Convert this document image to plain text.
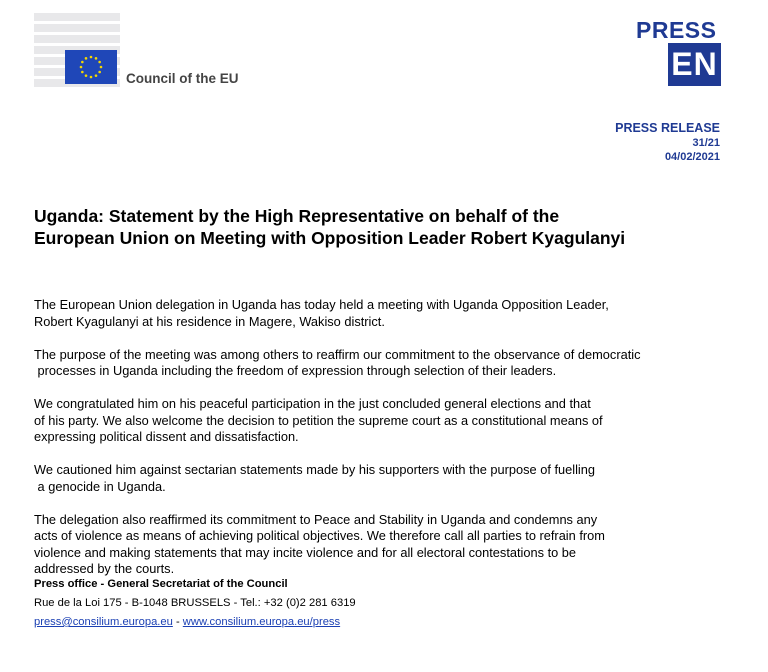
Council of the EU
PRESS
EN
PRESS RELEASE
31/21
04/02/2021
Uganda: Statement by the High Representative on behalf of the
European Union on Meeting with Opposition Leader Robert Kyagulanyi

The European Union delegation in Uganda has today held a meeting with Uganda Opposition Leader,
Robert Kyagulanyi at his residence in Magere, Wakiso district.

The purpose of the meeting was among others to reaffirm our commitment to the observance of democratic
processes in Uganda including the freedom of expression through selection of their leaders.

We congratulated him on his peaceful participation in the just concluded general elections and that
of his party. We also welcome the decision to petition the supreme court as a constitutional means of
expressing political dissent and dissatisfaction.

We cautioned him against sectarian statements made by his supporters with the purpose of fuelling
a genocide in Uganda.

The delegation also reaffirmed its commitment to Peace and Stability in Uganda and condemns any
acts of violence as means of achieving political objectives. We therefore call all parties to refrain from
violence and making statements that may incite violence and for all electoral contestations to be
addressed by the courts.

Press office - General Secretariat of the Council
Rue de la Loi 175 - B-1048 BRUSSELS - Tel.: +32 (0)2 281 6319
press@consilium.europa.eu - www.consilium.europa.eu/press
